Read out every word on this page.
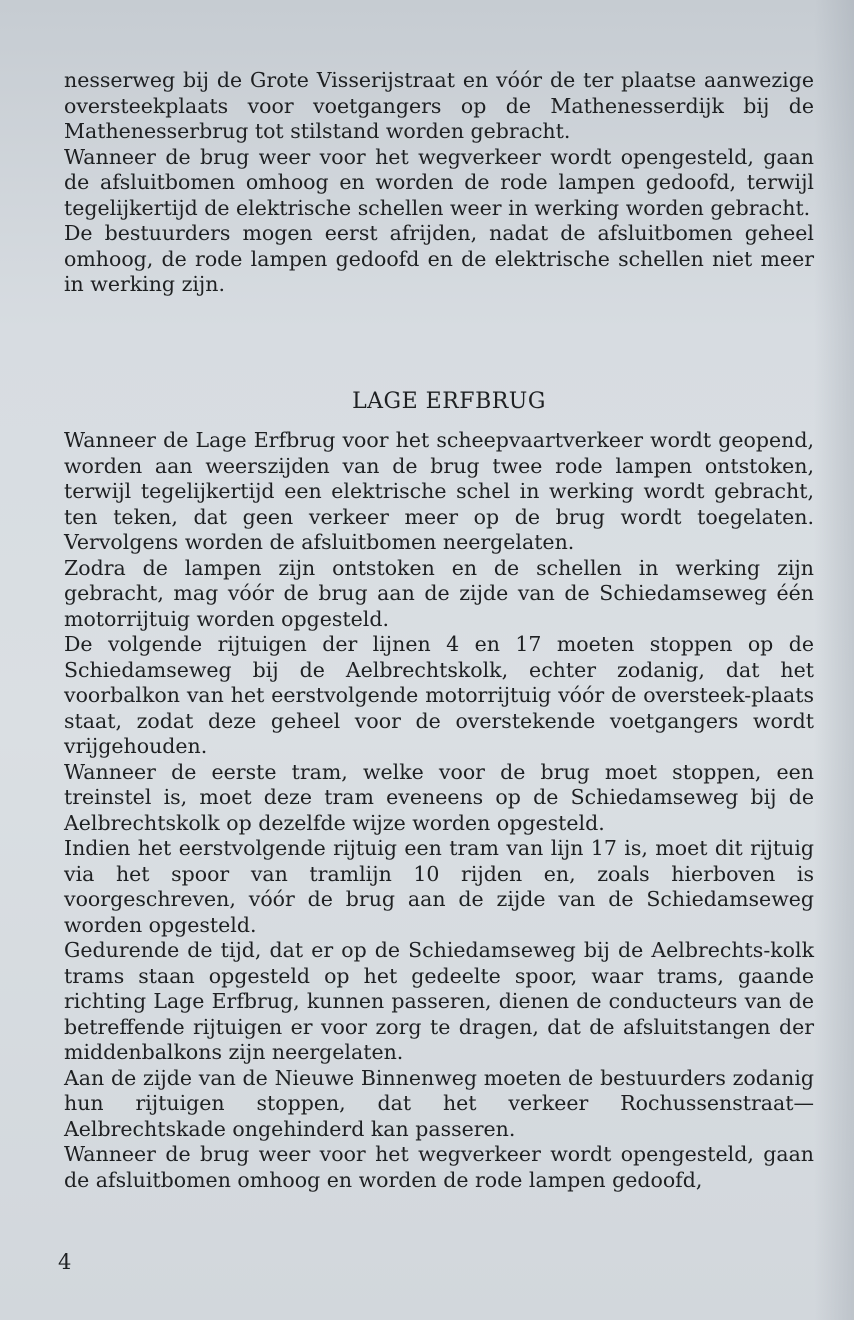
nesserweg bij de Grote Visserijstraat en vóór de ter plaatse aanwezige oversteekplaats voor voetgangers op de Mathenesserdijk bij de Mathenesserbrug tot stilstand worden gebracht.

Wanneer de brug weer voor het wegverkeer wordt opengesteld, gaan de afsluitbomen omhoog en worden de rode lampen gedoofd, terwijl tegelijkertijd de elektrische schellen weer in werking worden gebracht.

De bestuurders mogen eerst afrijden, nadat de afsluitbomen geheel omhoog, de rode lampen gedoofd en de elektrische schellen niet meer in werking zijn.

LAGE ERFBRUG

Wanneer de Lage Erfbrug voor het scheepvaartverkeer wordt geopend, worden aan weerszijden van de brug twee rode lampen ontstoken, terwijl tegelijkertijd een elektrische schel in werking wordt gebracht, ten teken, dat geen verkeer meer op de brug wordt toegelaten. Vervolgens worden de afsluitbomen neergelaten.

Zodra de lampen zijn ontstoken en de schellen in werking zijn gebracht, mag vóór de brug aan de zijde van de Schiedamseweg één motorrijtuig worden opgesteld.

De volgende rijtuigen der lijnen 4 en 17 moeten stoppen op de Schiedamseweg bij de Aelbrechtskolk, echter zodanig, dat het voorbalkon van het eerstvolgende motorrijtuig vóór de oversteek-plaats staat, zodat deze geheel voor de overstekende voetgangers wordt vrijgehouden.

Wanneer de eerste tram, welke voor de brug moet stoppen, een treinstel is, moet deze tram eveneens op de Schiedamseweg bij de Aelbrechtskolk op dezelfde wijze worden opgesteld.

Indien het eerstvolgende rijtuig een tram van lijn 17 is, moet dit rijtuig via het spoor van tramlijn 10 rijden en, zoals hierboven is voorgeschreven, vóór de brug aan de zijde van de Schiedamseweg worden opgesteld.

Gedurende de tijd, dat er op de Schiedamseweg bij de Aelbrechts-kolk trams staan opgesteld op het gedeelte spoor, waar trams, gaande richting Lage Erfbrug, kunnen passeren, dienen de conducteurs van de betreffende rijtuigen er voor zorg te dragen, dat de afsluitstangen der middenbalkons zijn neergelaten.

Aan de zijde van de Nieuwe Binnenweg moeten de bestuurders zodanig hun rijtuigen stoppen, dat het verkeer Rochussenstraat—Aelbrechtskade ongehinderd kan passeren.

Wanneer de brug weer voor het wegverkeer wordt opengesteld, gaan de afsluitbomen omhoog en worden de rode lampen gedoofd,

4
